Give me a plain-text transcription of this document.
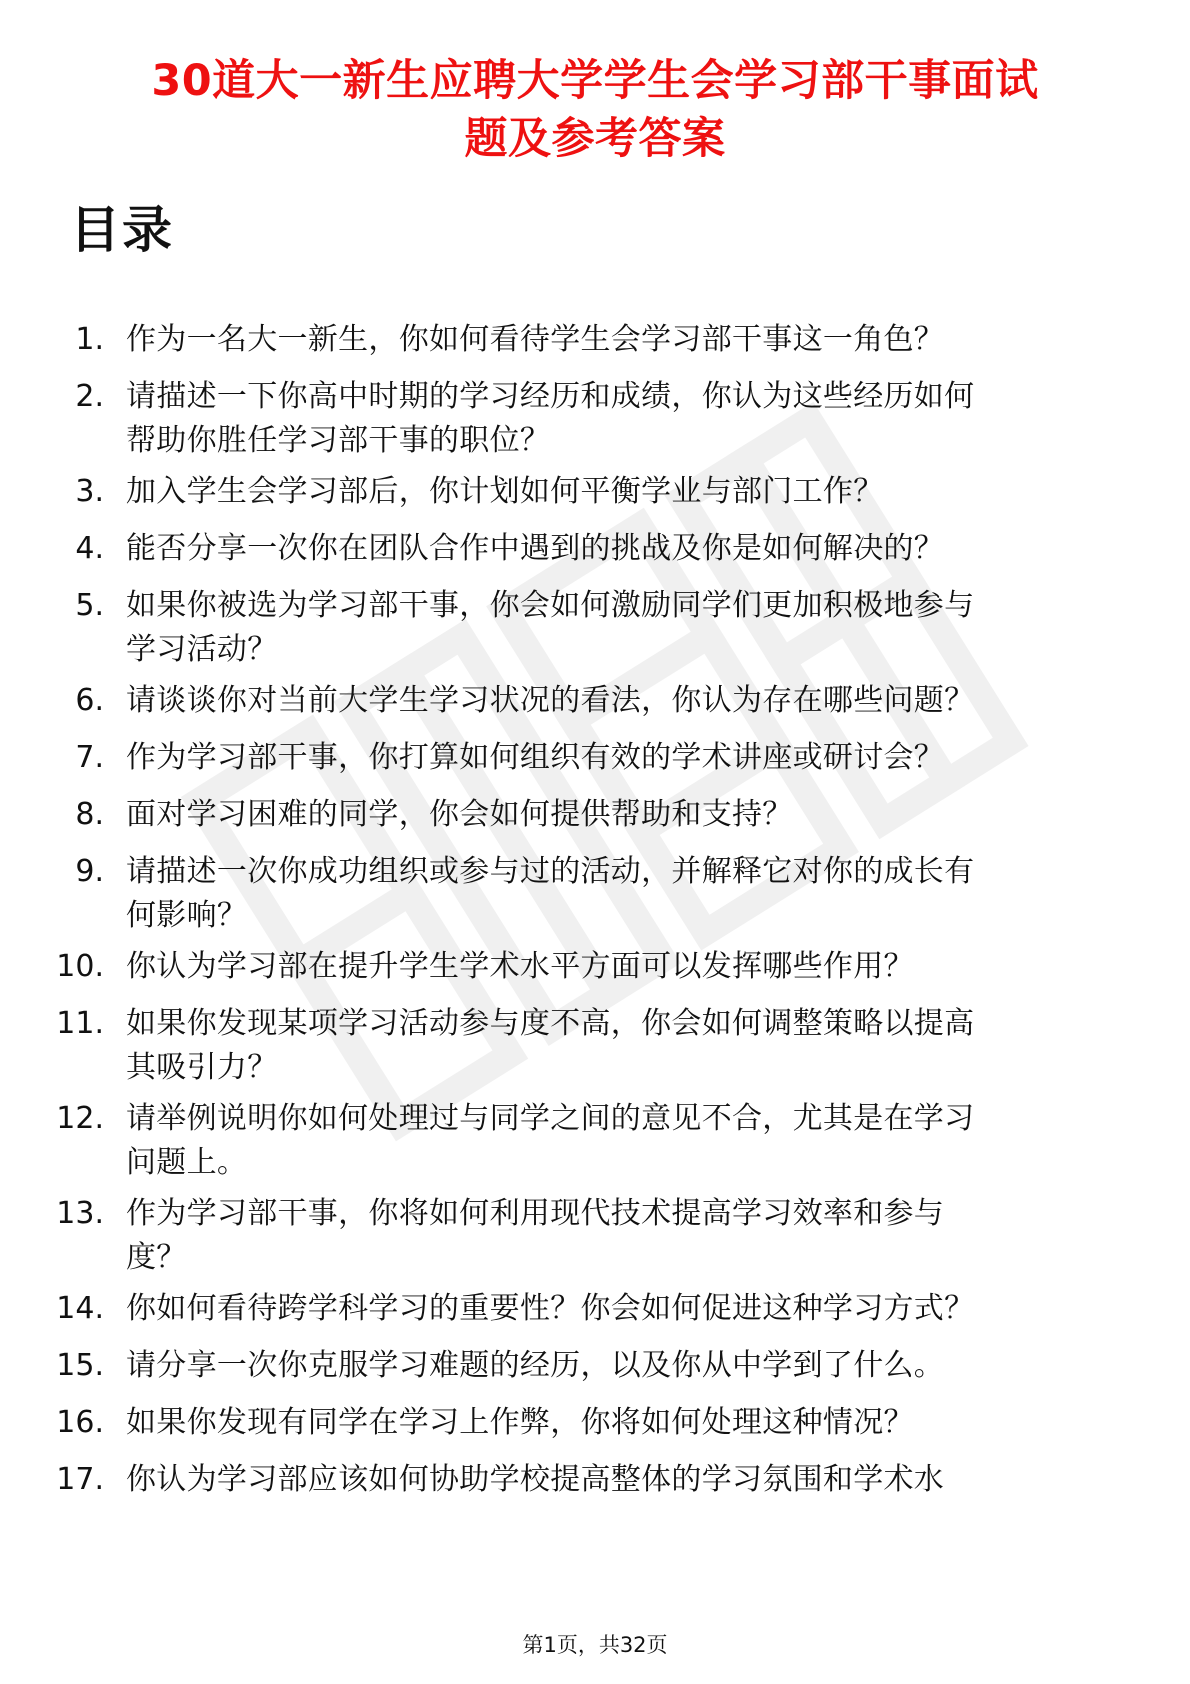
30道大一新生应聘大学学生会学习部干事面试
题及参考答案
目录
1. 作为一名大一新生，你如何看待学生会学习部干事这一角色？
2. 请描述一下你高中时期的学习经历和成绩，你认为这些经历如何
帮助你胜任学习部干事的职位？
3. 加入学生会学习部后，你计划如何平衡学业与部门工作？
4. 能否分享一次你在团队合作中遇到的挑战及你是如何解决的？
5. 如果你被选为学习部干事，你会如何激励同学们更加积极地参与
学习活动？
6. 请谈谈你对当前大学生学习状况的看法，你认为存在哪些问题？
7. 作为学习部干事，你打算如何组织有效的学术讲座或研讨会？
8. 面对学习困难的同学，你会如何提供帮助和支持？
9. 请描述一次你成功组织或参与过的活动，并解释它对你的成长有
何影响？
10. 你认为学习部在提升学生学术水平方面可以发挥哪些作用？
11. 如果你发现某项学习活动参与度不高，你会如何调整策略以提高
其吸引力？
12. 请举例说明你如何处理过与同学之间的意见不合，尤其是在学习
问题上。
13. 作为学习部干事，你将如何利用现代技术提高学习效率和参与
度？
14. 你如何看待跨学科学习的重要性？你会如何促进这种学习方式？
15. 请分享一次你克服学习难题的经历，以及你从中学到了什么。
16. 如果你发现有同学在学习上作弊，你将如何处理这种情况？
17. 你认为学习部应该如何协助学校提高整体的学习氛围和学术水
第1页，共32页
